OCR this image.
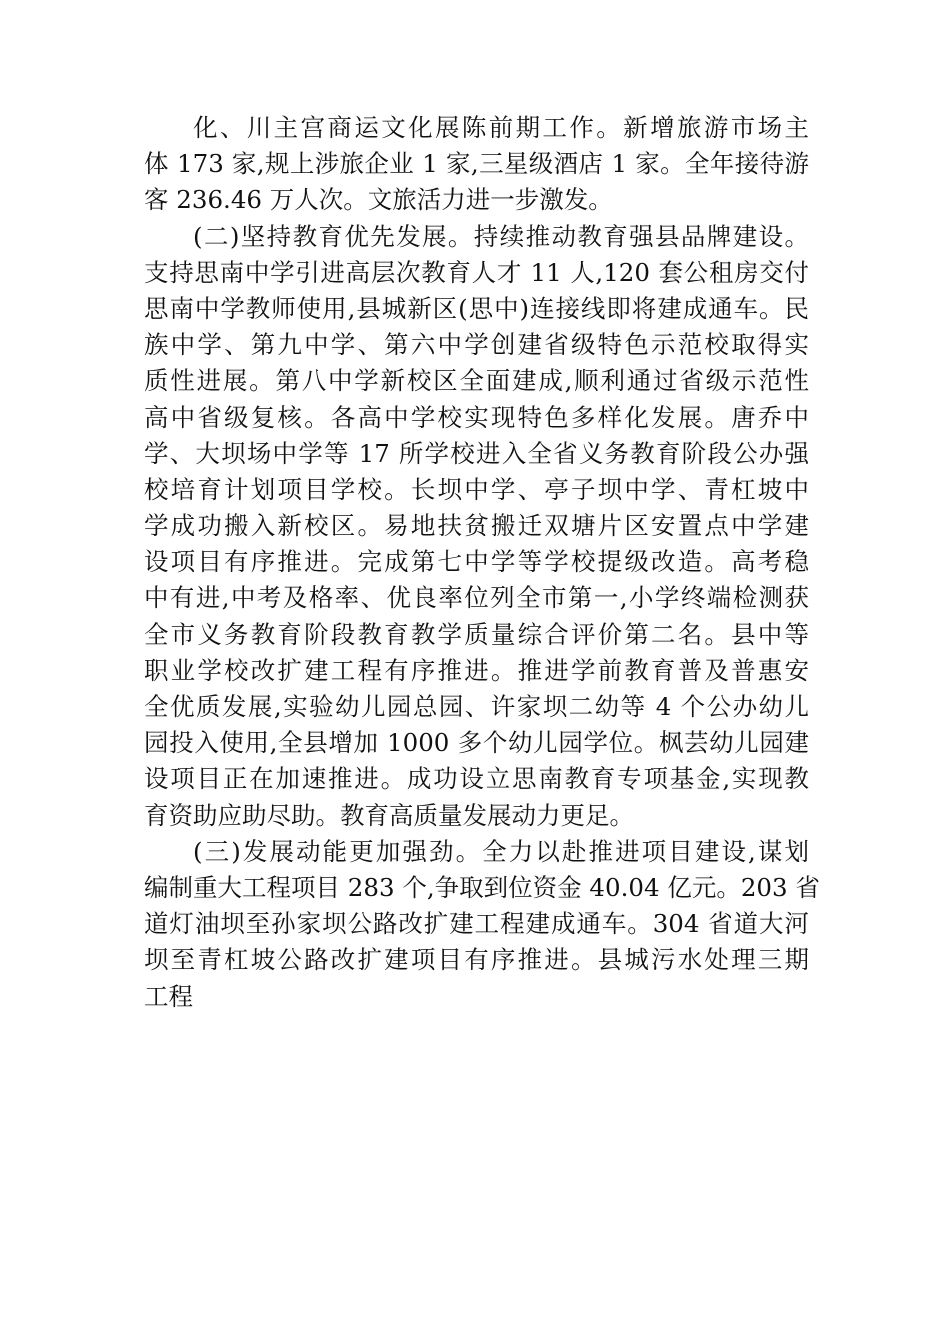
化、川主宫商运文化展陈前期工作。新增旅游市场主
体 173 家,规上涉旅企业 1 家,三星级酒店 1 家。全年接待游
客 236.46 万人次。文旅活力进一步激发。
(二)坚持教育优先发展。持续推动教育强县品牌建设。
支持思南中学引进高层次教育人才 11 人,120 套公租房交付
思南中学教师使用,县城新区(思中)连接线即将建成通车。民
族中学、第九中学、第六中学创建省级特色示范校取得实
质性进展。第八中学新校区全面建成,顺利通过省级示范性
高中省级复核。各高中学校实现特色多样化发展。唐乔中
学、大坝场中学等 17 所学校进入全省义务教育阶段公办强
校培育计划项目学校。长坝中学、亭子坝中学、青杠坡中
学成功搬入新校区。易地扶贫搬迁双塘片区安置点中学建
设项目有序推进。完成第七中学等学校提级改造。高考稳
中有进,中考及格率、优良率位列全市第一,小学终端检测获
全市义务教育阶段教育教学质量综合评价第二名。县中等
职业学校改扩建工程有序推进。推进学前教育普及普惠安
全优质发展,实验幼儿园总园、许家坝二幼等 4 个公办幼儿
园投入使用,全县增加 1000 多个幼儿园学位。枫芸幼儿园建
设项目正在加速推进。成功设立思南教育专项基金,实现教
育资助应助尽助。教育高质量发展动力更足。
(三)发展动能更加强劲。全力以赴推进项目建设,谋划
编制重大工程项目 283 个,争取到位资金 40.04 亿元。203 省
道灯油坝至孙家坝公路改扩建工程建成通车。304 省道大河
坝至青杠坡公路改扩建项目有序推进。县城污水处理三期
工程
